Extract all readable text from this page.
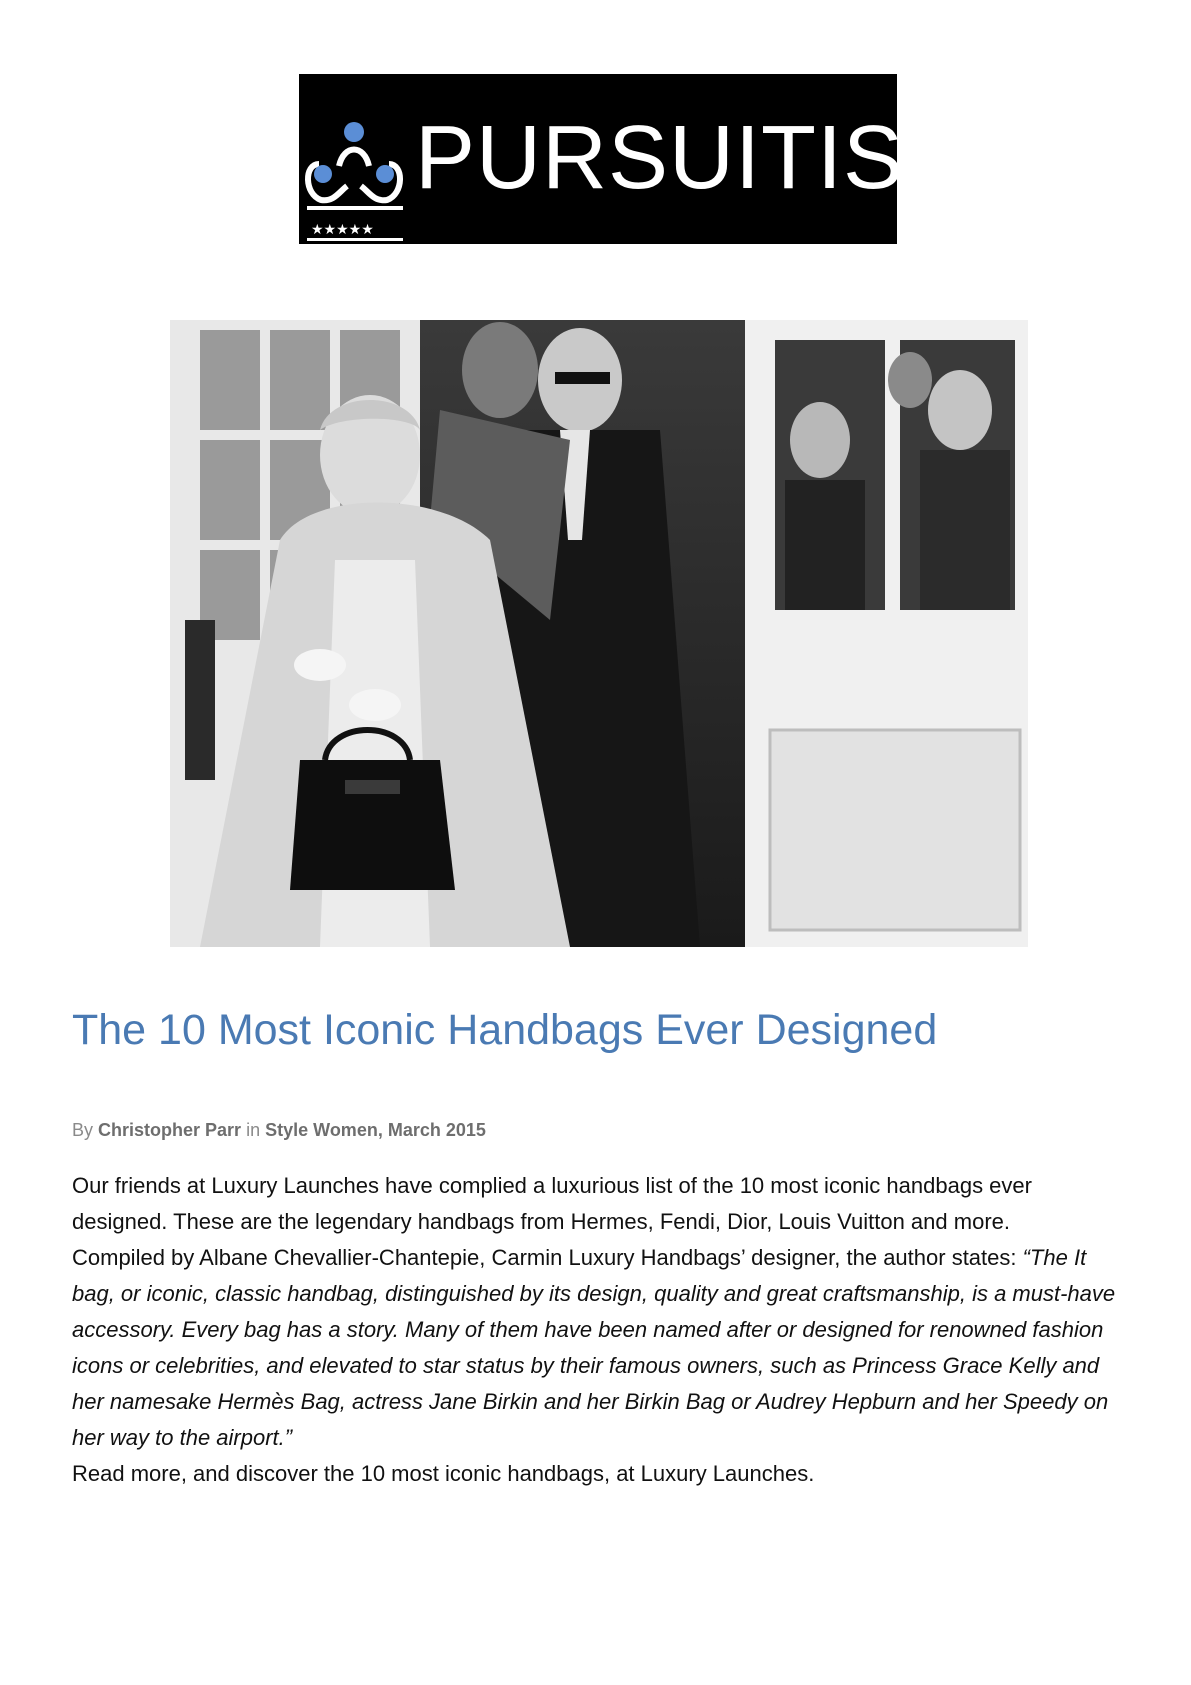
★★★★★
PURSUITIST
The 10 Most Iconic Handbags Ever Designed
By Christopher Parr in Style Women, March 2015

Our friends at Luxury Launches have complied a luxurious list of the 10 most iconic handbags ever designed. These are the legendary handbags from Hermes, Fendi, Dior, Louis Vuitton and more.

Compiled by Albane Chevallier-Chantepie, Carmin Luxury Handbags’ designer, the author states: “The It bag, or iconic, classic handbag, distinguished by its design, quality and great craftsmanship, is a must-have accessory. Every bag has a story. Many of them have been named after or designed for renowned fashion icons or celebrities, and elevated to star status by their famous owners, such as Princess Grace Kelly and her namesake Hermès Bag, actress Jane Birkin and her Birkin Bag or Audrey Hepburn and her Speedy on her way to the airport.”

Read more, and discover the 10 most iconic handbags, at Luxury Launches.
